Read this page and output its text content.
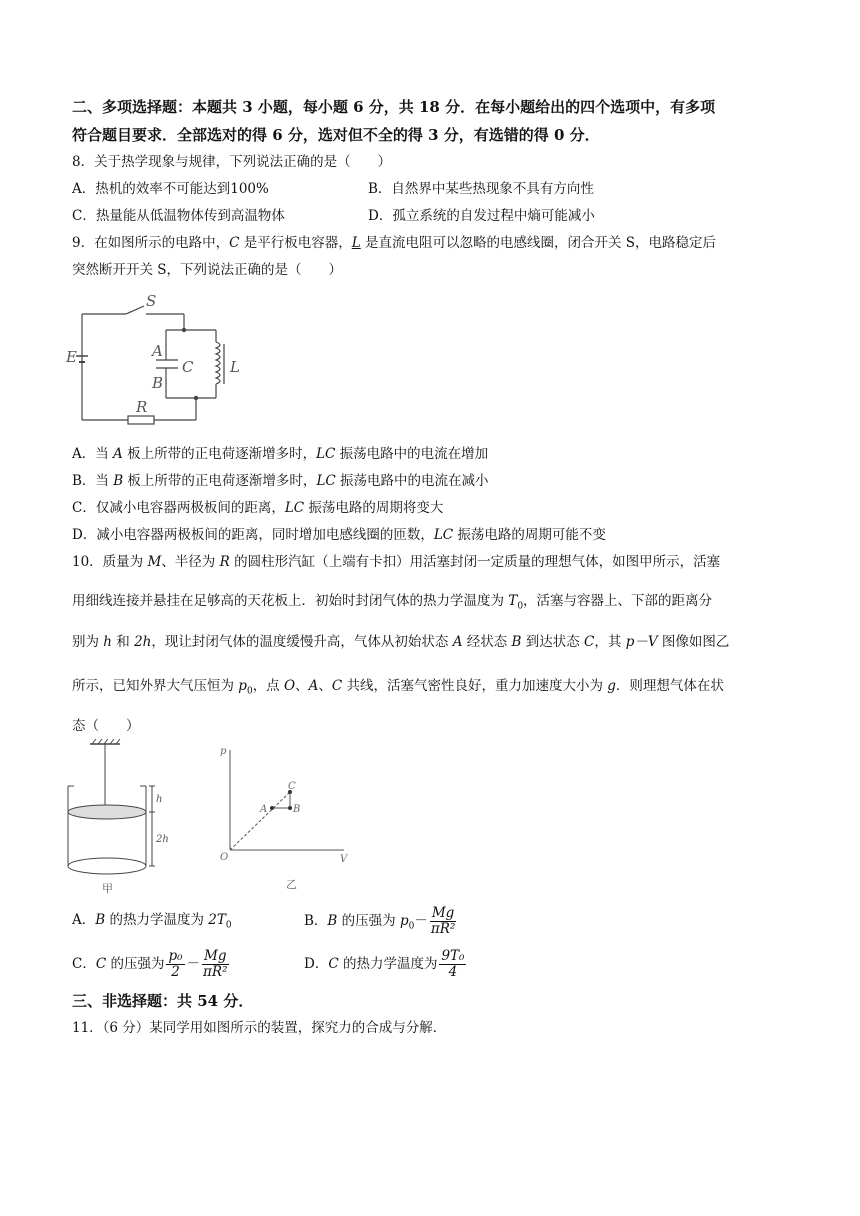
二、多项选择题：本题共 3 小题，每小题 6 分，共 18 分．在每小题给出的四个选项中，有多项
符合题目要求．全部选对的得 6 分，选对但不全的得 3 分，有选错的得 0 分．
8．关于热学现象与规律，下列说法正确的是（　　）
A．热机的效率不可能达到100%	B．自然界中某些热现象不具有方向性
C．热量能从低温物体传到高温物体	D．孤立系统的自发过程中熵可能减小
9．在如图所示的电路中，C 是平行板电容器，L 是直流电阻可以忽略的电感线圈，闭合开关 S，电路稳定后
突然断开开关 S，下列说法正确的是（　　）
S
E	A
B
C L
R
A．当 A 板上所带的正电荷逐渐增多时，LC 振荡电路中的电流在增加
B．当 B 板上所带的正电荷逐渐增多时，LC 振荡电路中的电流在减小
C．仅减小电容器两极板间的距离，LC 振荡电路的周期将变大
D．减小电容器两极板间的距离，同时增加电感线圈的匝数，LC 振荡电路的周期可能不变
10．质量为 M、半径为 R 的圆柱形汽缸（上端有卡扣）用活塞封闭一定质量的理想气体，如图甲所示，活塞
用细线连接并悬挂在足够高的天花板上．初始时封闭气体的热力学温度为 $T_0$，活塞与容器上、下部的距离分
别为 h 和 2h，现让封闭气体的温度缓慢升高，气体从初始状态 A 经状态 B 到达状态 C，其 p－V 图像如图乙
所示，已知外界大气压恒为 $p_0$，点 O、A、C 共线，活塞气密性良好，重力加速度大小为 g．则理想气体在状
态（　　）
h
2h
甲
p
V
O
A	B
C
乙
A．B 的热力学温度为 $2T_0$	B．B 的压强为 $p_0- \frac{Mg}{\text{πR²}}$
C．C 的压强为 $\frac{\text{p₀}}{2} - \frac{Mg}{\text{πR²}}$	D．C 的热力学温度为 $\frac{\text{9T₀}}{4}$
三、非选择题：共 54 分．
11．（6 分）某同学用如图所示的装置，探究力的合成与分解．
